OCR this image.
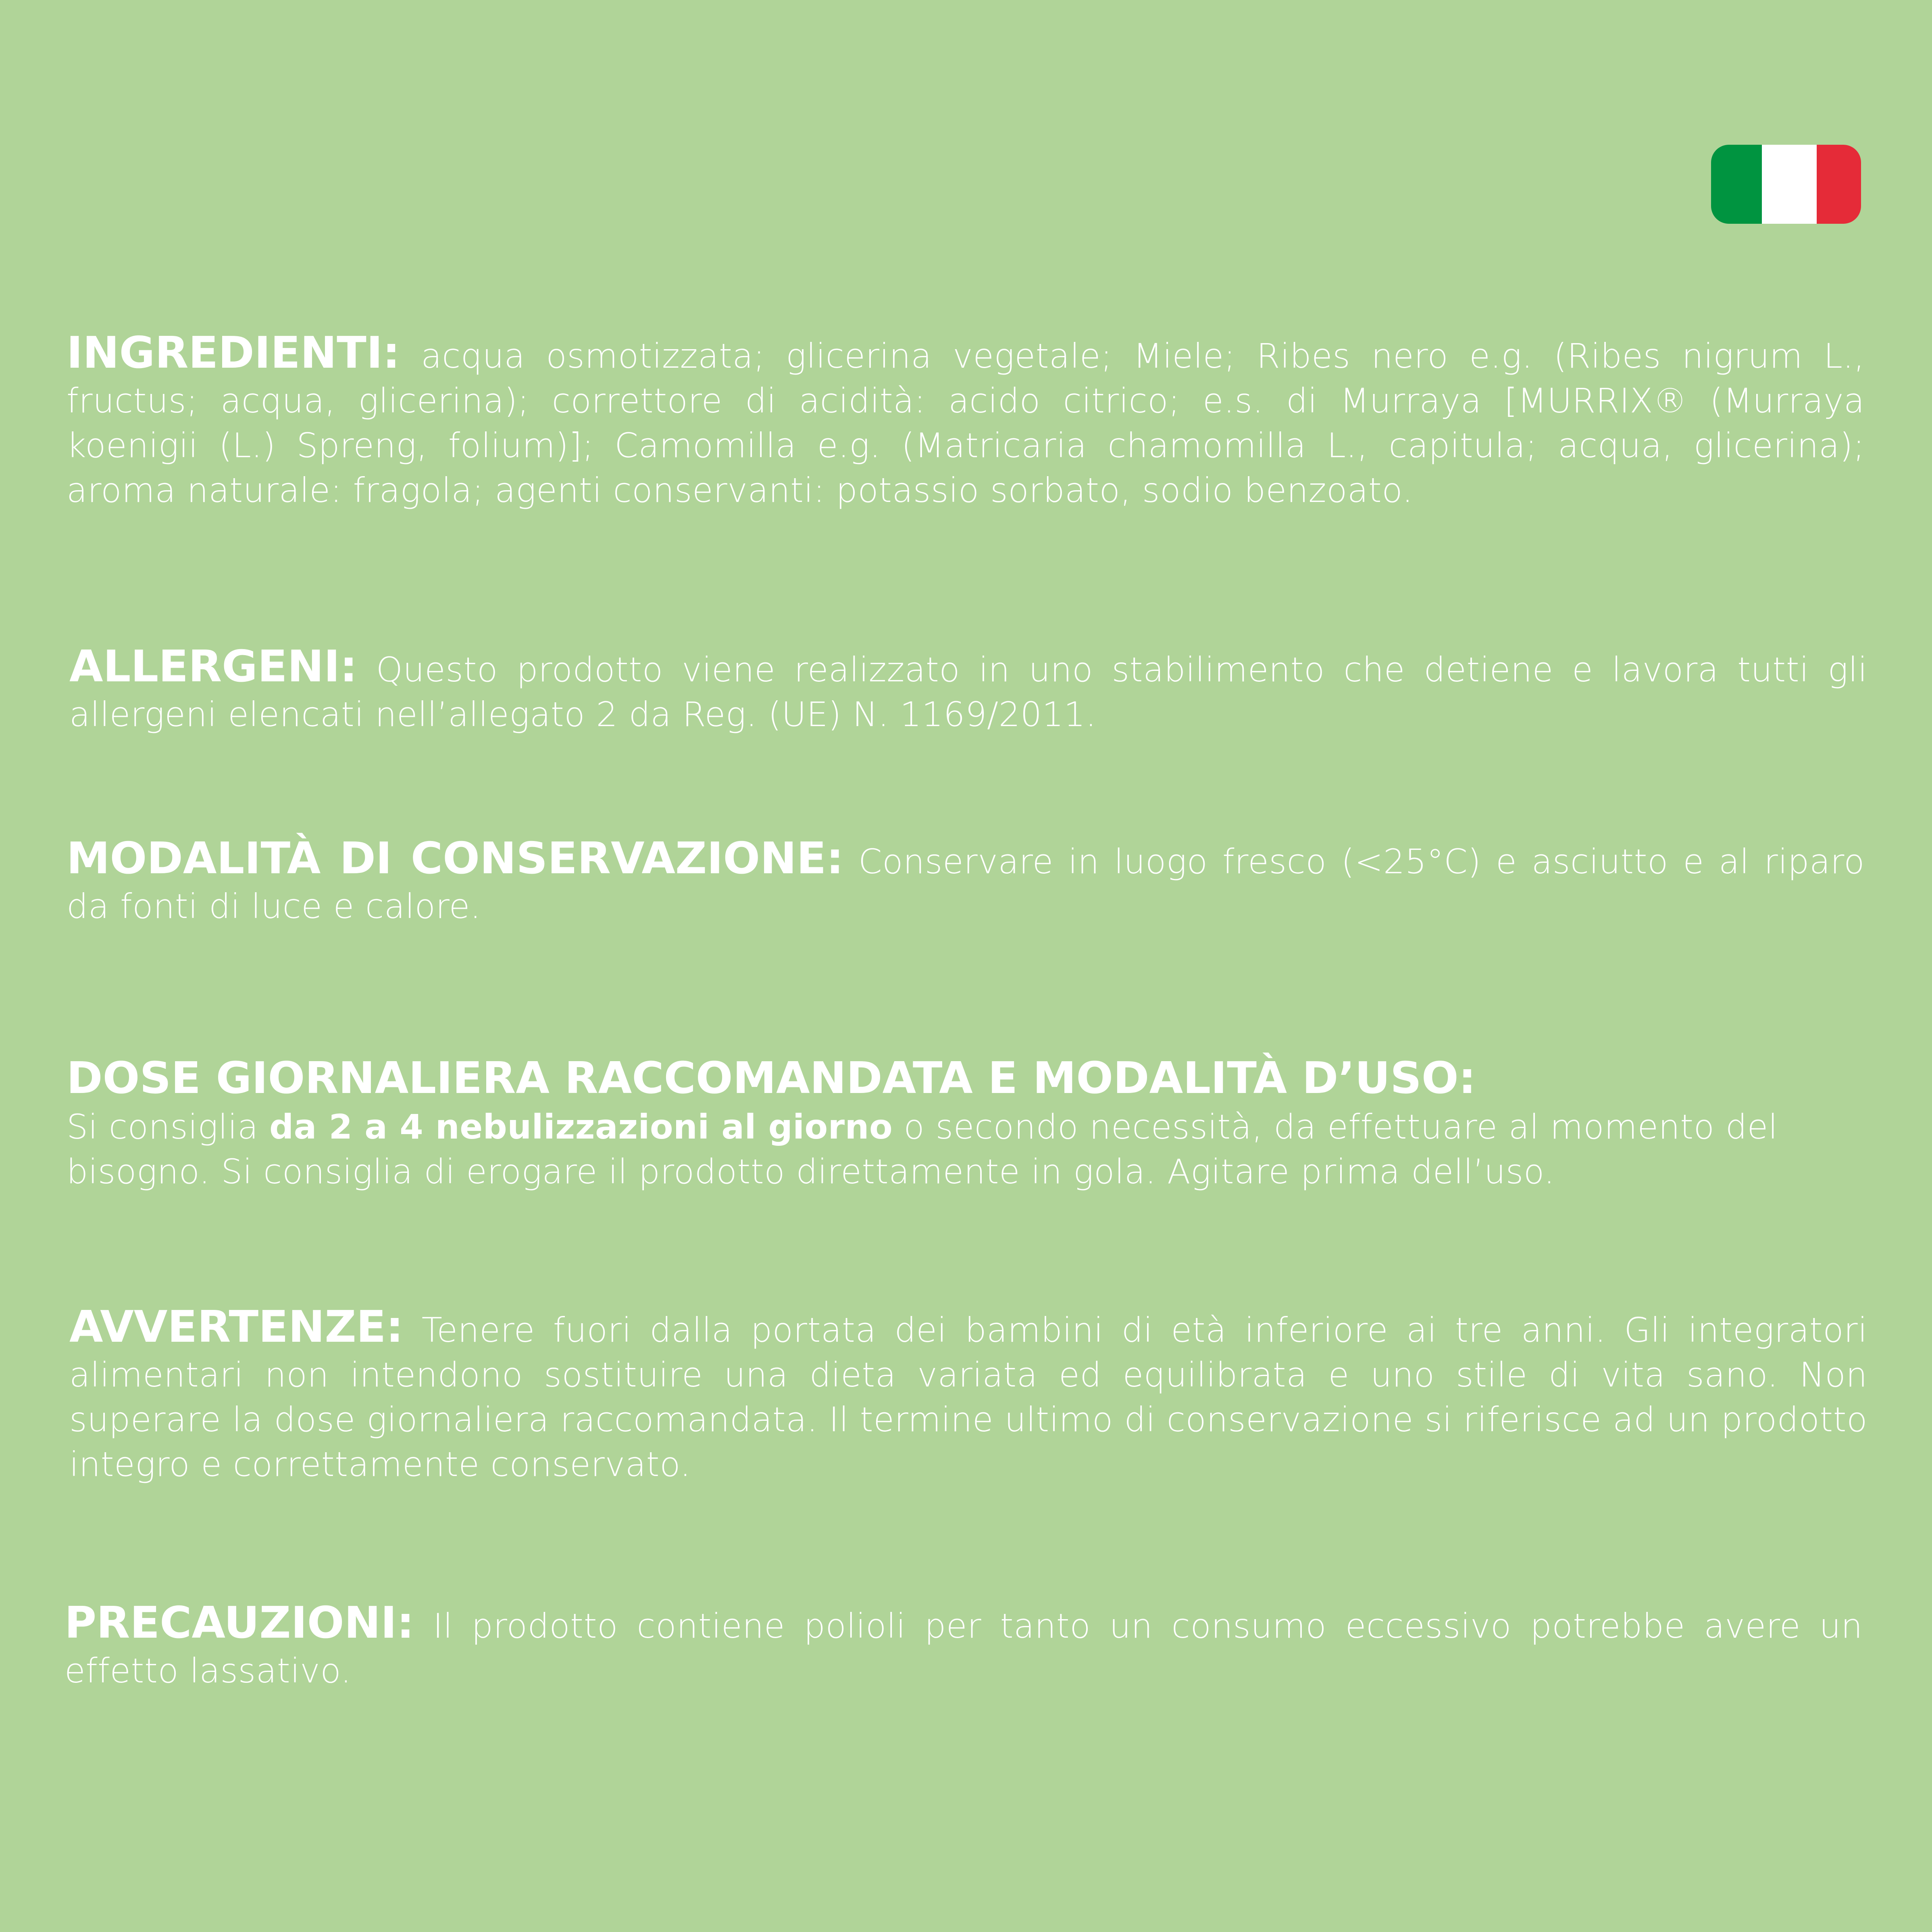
INGREDIENTI: acqua osmotizzata; glicerina vegetale; Miele; Ribes nero e.g. (Ribes nigrum L., fructus; acqua, glicerina); correttore di acidità: acido citrico; e.s. di Murraya [MURRIX® (Murraya koenigii (L.) Spreng, folium)]; Camomilla e.g. (Matricaria chamomilla L., capitula; acqua, glicerina); aroma naturale: fragola; agenti conservanti: potassio sorbato, sodio benzoato.
ALLERGENI: Questo prodotto viene realizzato in uno stabilimento che detiene e lavora tutti gli allergeni elencati nell’allegato 2 da Reg. (UE) N. 1169/2011.
MODALITÀ DI CONSERVAZIONE: Conservare in luogo fresco (<25°C) e asciutto e al riparo da fonti di luce e calore.
DOSE GIORNALIERA RACCOMANDATA E MODALITÀ D’USO:
Si consiglia da 2 a 4 nebulizzazioni al giorno o secondo necessità, da effettuare al momento del bisogno. Si consiglia di erogare il prodotto direttamente in gola. Agitare prima dell’uso.
AVVERTENZE: Tenere fuori dalla portata dei bambini di età inferiore ai tre anni. Gli integratori alimentari non intendono sostituire una dieta variata ed equilibrata e uno stile di vita sano. Non superare la dose giornaliera raccomandata. Il termine ultimo di conservazione si riferisce ad un prodotto integro e correttamente conservato.
PRECAUZIONI: Il prodotto contiene polioli per tanto un consumo eccessivo potrebbe avere un effetto lassativo.
